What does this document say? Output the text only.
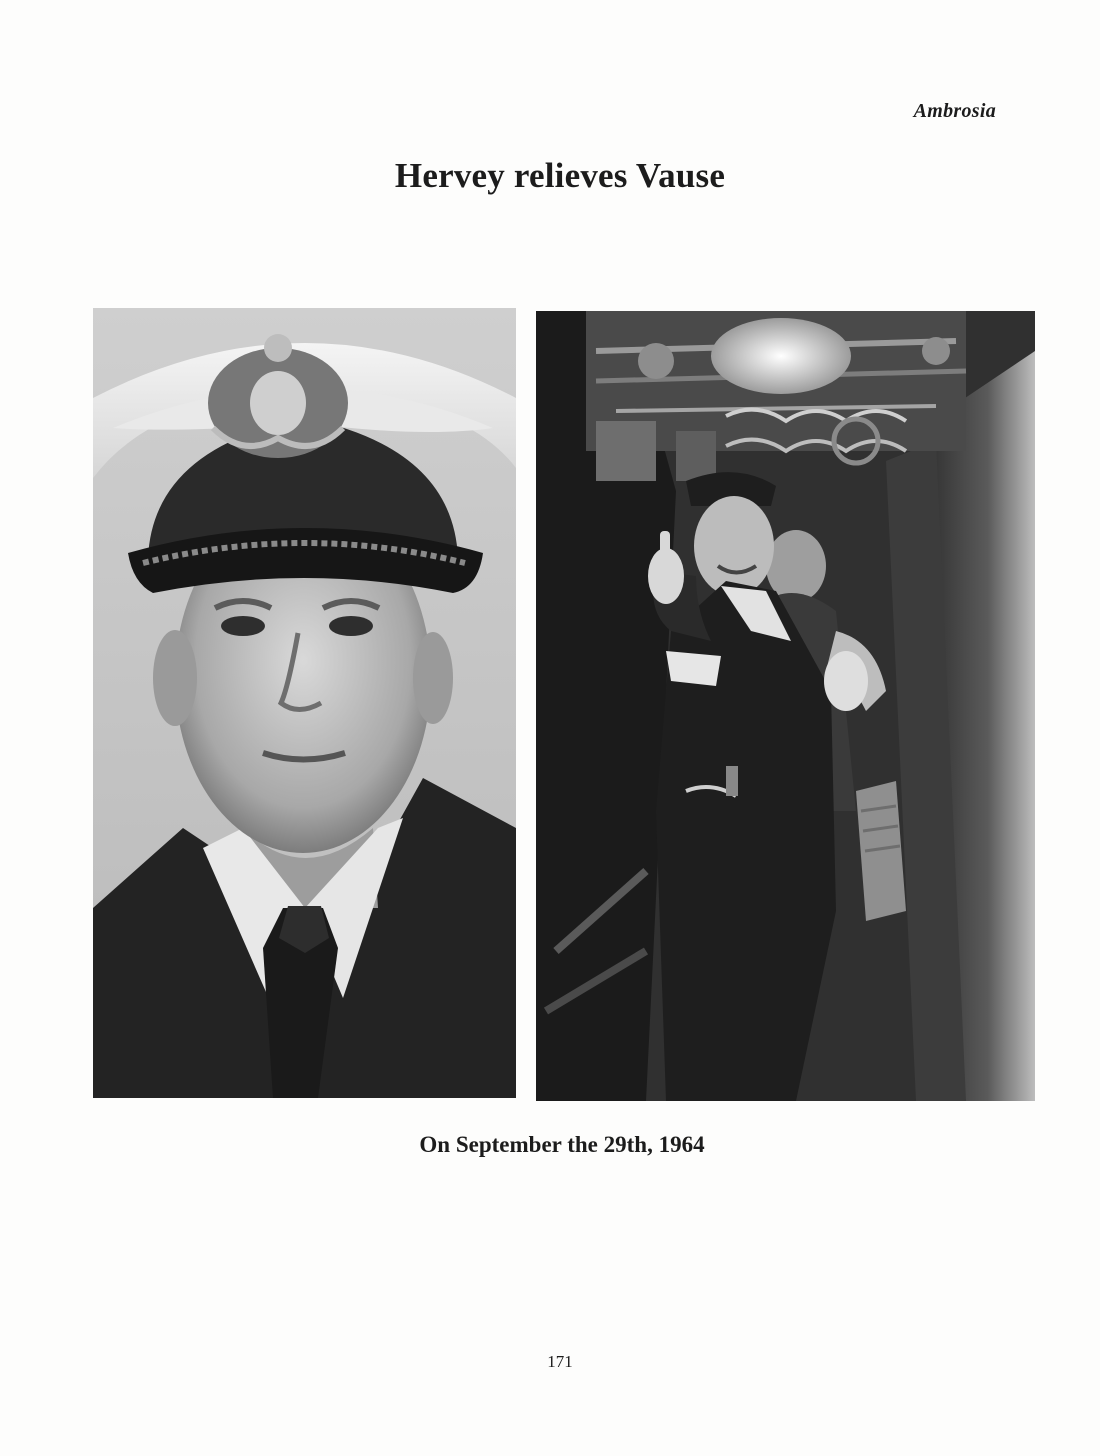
Ambrosia
Hervey relieves Vause
On September the 29th, 1964
171
